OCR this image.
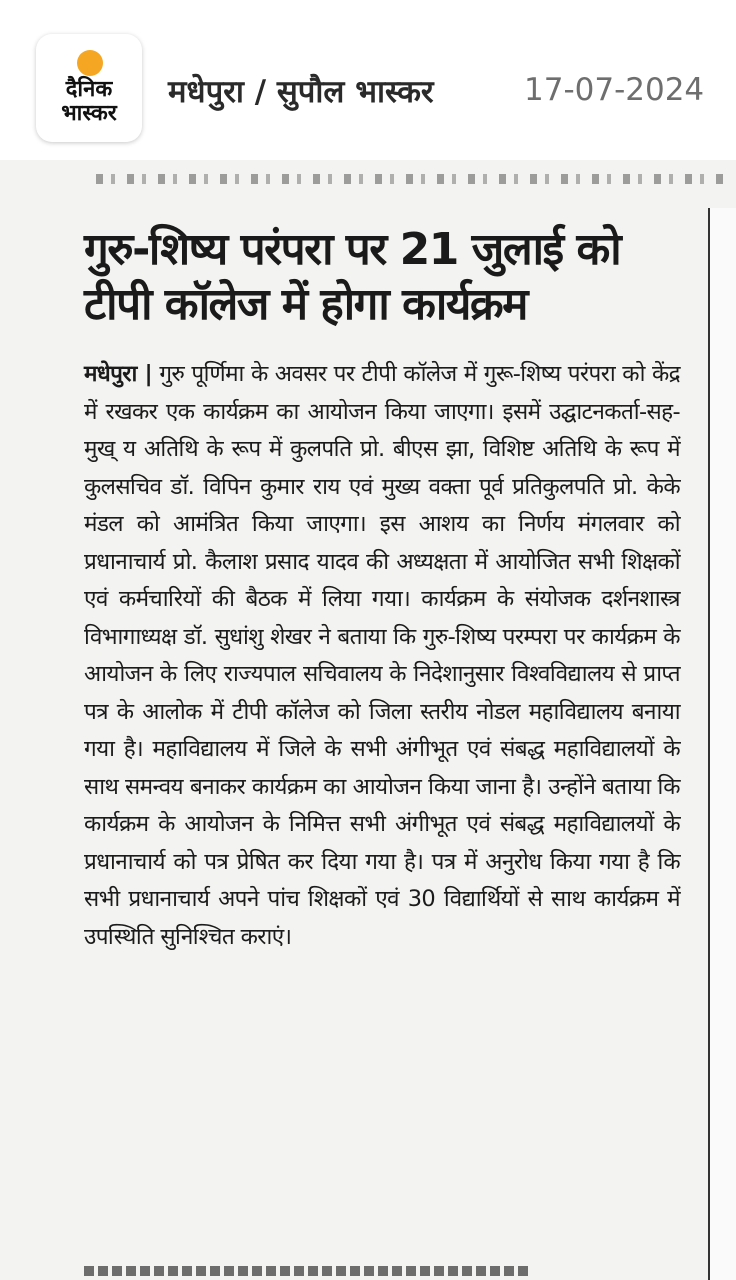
दैनिक
भास्कर
मधेपुरा / सुपौल भास्कर	17-07-2024
गुरु-शिष्य परंपरा पर 21 जुलाई को टीपी कॉलेज में होगा कार्यक्रम
मधेपुरा | गुरु पूर्णिमा के अवसर पर टीपी कॉलेज में गुरू-शिष्य परंपरा को केंद्र में रखकर एक कार्यक्रम का आयोजन किया जाएगा। इसमें उद्घाटनकर्ता-सह-मुख् य अतिथि के रूप में कुलपति प्रो. बीएस झा, विशिष्ट अतिथि के रूप में कुलसचिव डॉ. विपिन कुमार राय एवं मुख्य वक्ता पूर्व प्रतिकुलपति प्रो. केके मंडल को आमंत्रित किया जाएगा। इस आशय का निर्णय मंगलवार को प्रधानाचार्य प्रो. कैलाश प्रसाद यादव की अध्यक्षता में आयोजित सभी शिक्षकों एवं कर्मचारियों की बैठक में लिया गया। कार्यक्रम के संयोजक दर्शनशास्त्र विभागाध्यक्ष डॉ. सुधांशु शेखर ने बताया कि गुरु-शिष्य परम्परा पर कार्यक्रम के आयोजन के लिए राज्यपाल सचिवालय के निदेशानुसार विश्वविद्यालय से प्राप्त पत्र के आलोक में टीपी कॉलेज को जिला स्तरीय नोडल महाविद्यालय बनाया गया है। महाविद्यालय में जिले के सभी अंगीभूत एवं संबद्ध महाविद्यालयों के साथ समन्वय बनाकर कार्यक्रम का आयोजन किया जाना है। उन्होंने बताया कि कार्यक्रम के आयोजन के निमित्त सभी अंगीभूत एवं संबद्ध महाविद्यालयों के प्रधानाचार्य को पत्र प्रेषित कर दिया गया है। पत्र में अनुरोध किया गया है कि सभी प्रधानाचार्य अपने पांच शिक्षकों एवं 30 विद्यार्थियों से साथ कार्यक्रम में उपस्थिति सुनिश्चित कराएं।
